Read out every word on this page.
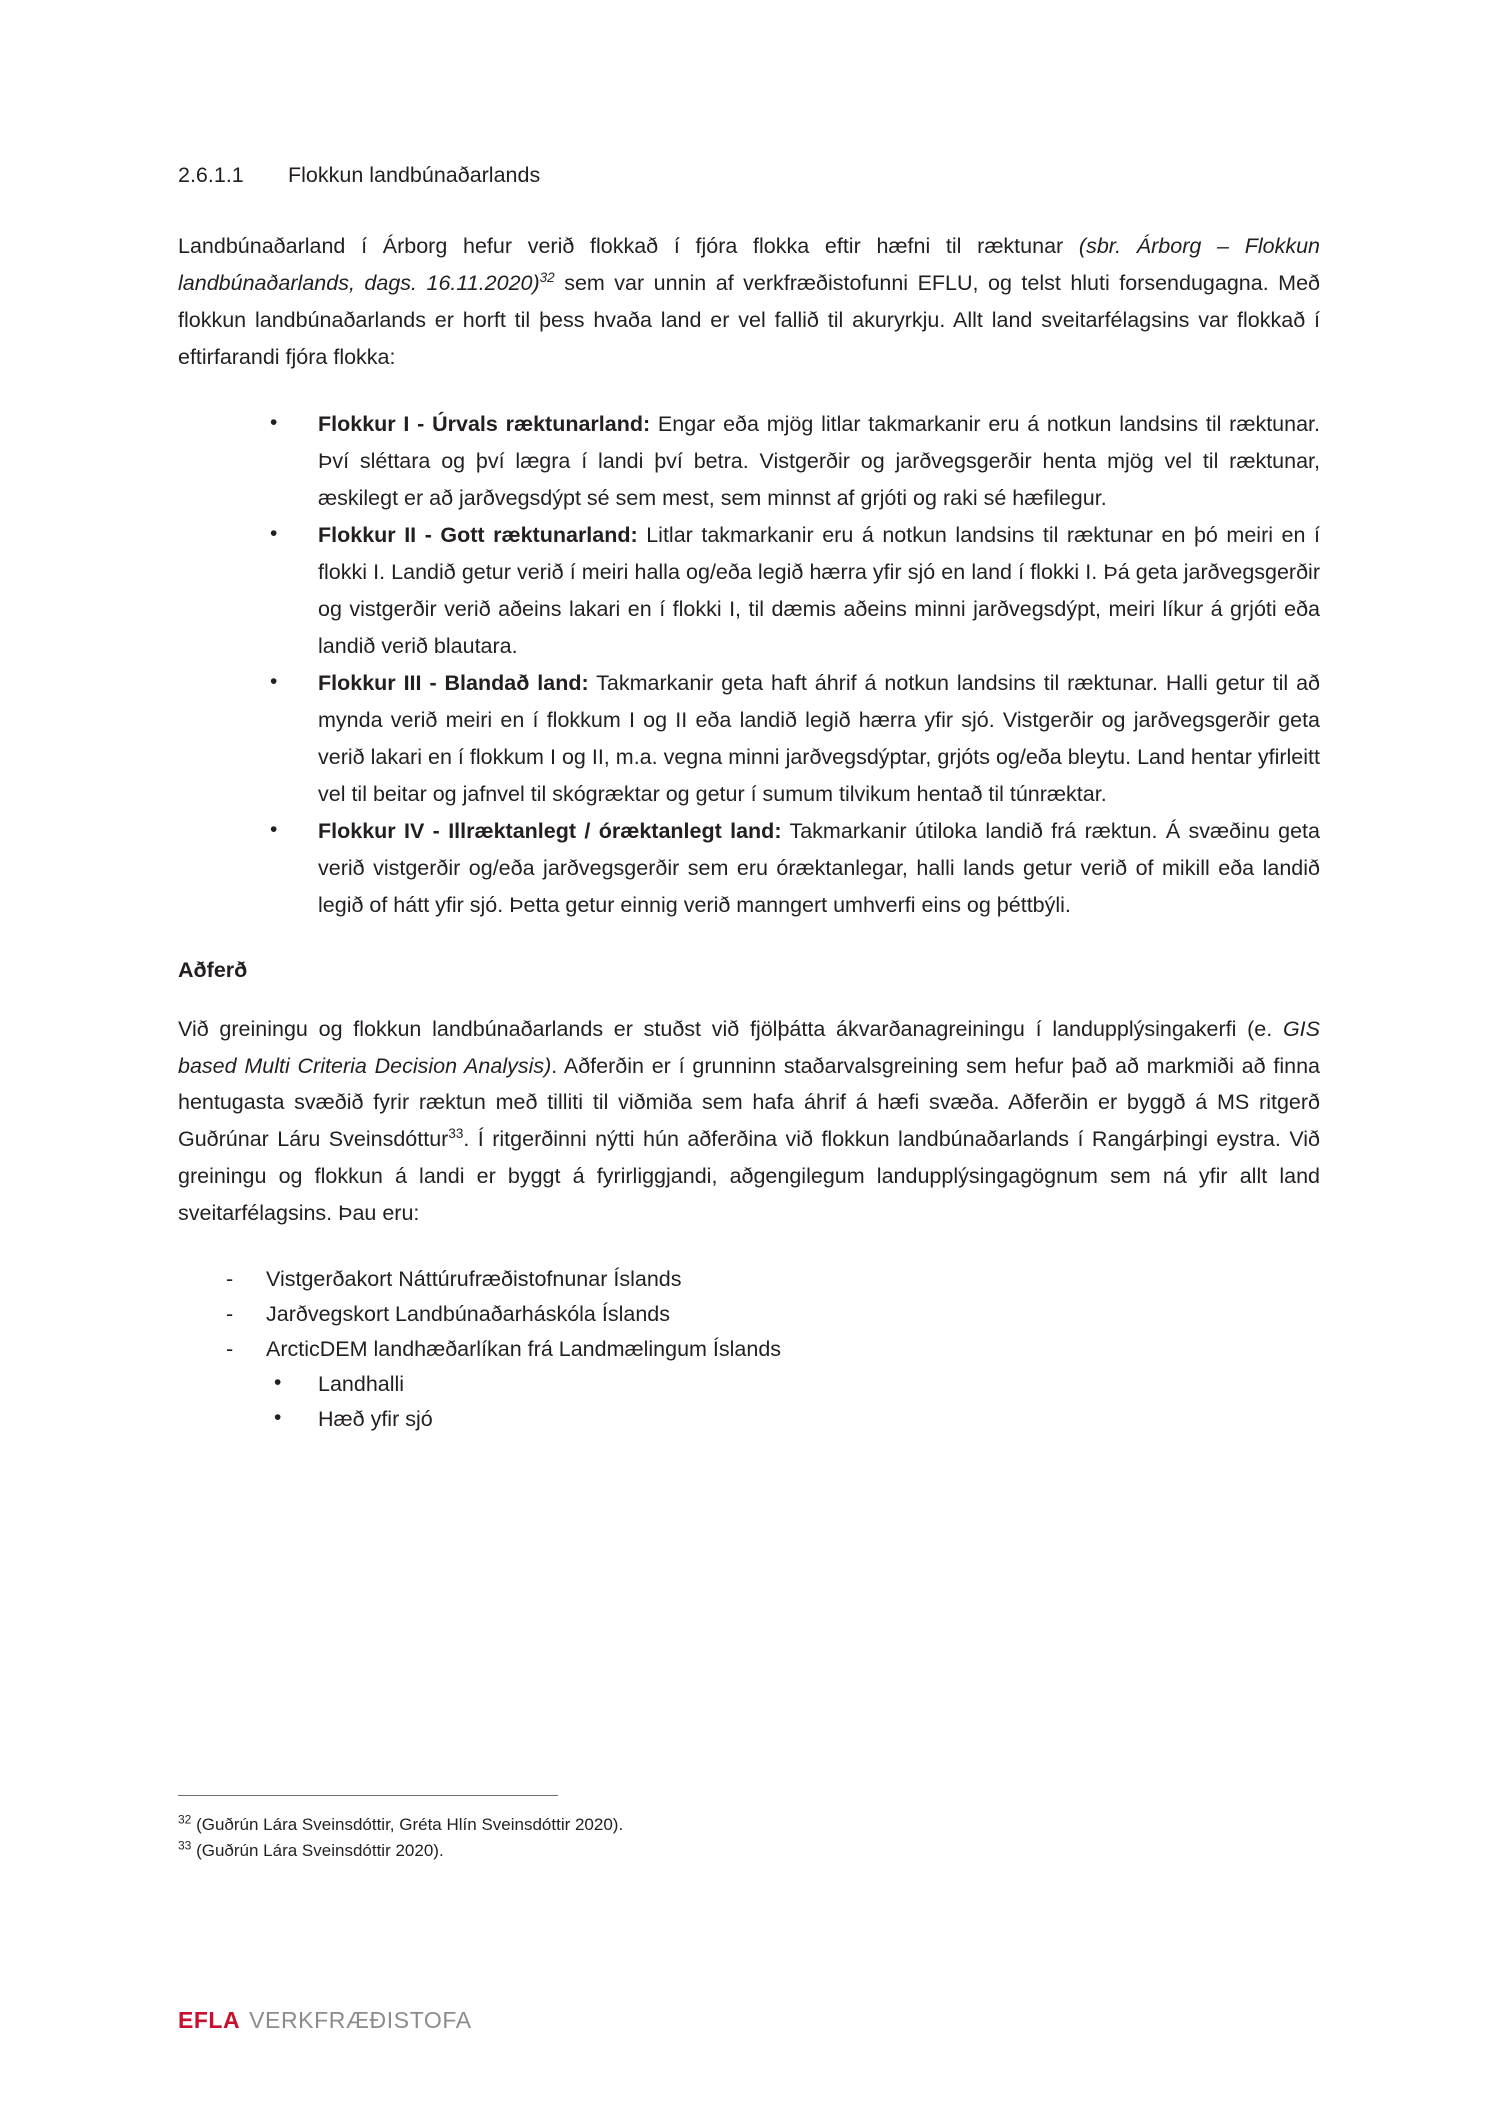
2.6.1.1	Flokkun landbúnaðarlands

Landbúnaðarland í Árborg hefur verið flokkað í fjóra flokka eftir hæfni til ræktunar (sbr. Árborg – Flokkun landbúnaðarlands, dags. 16.11.2020)$^{32}$ sem var unnin af verkfræðistofunni EFLU, og telst hluti forsendugagna. Með flokkun landbúnaðarlands er horft til þess hvaða land er vel fallið til akuryrkju. Allt land sveitarfélagsins var flokkað í eftirfarandi fjóra flokka:

• Flokkur I - Úrvals ræktunarland: Engar eða mjög litlar takmarkanir eru á notkun landsins til ræktunar. Því sléttara og því lægra í landi því betra. Vistgerðir og jarðvegsgerðir henta mjög vel til ræktunar, æskilegt er að jarðvegsdýpt sé sem mest, sem minnst af grjóti og raki sé hæfilegur.
• Flokkur II - Gott ræktunarland: Litlar takmarkanir eru á notkun landsins til ræktunar en þó meiri en í flokki I. Landið getur verið í meiri halla og/eða legið hærra yfir sjó en land í flokki I. Þá geta jarðvegsgerðir og vistgerðir verið aðeins lakari en í flokki I, til dæmis aðeins minni jarðvegsdýpt, meiri líkur á grjóti eða landið verið blautara.
• Flokkur III - Blandað land: Takmarkanir geta haft áhrif á notkun landsins til ræktunar. Halli getur til að mynda verið meiri en í flokkum I og II eða landið legið hærra yfir sjó. Vistgerðir og jarðvegsgerðir geta verið lakari en í flokkum I og II, m.a. vegna minni jarðvegsdýptar, grjóts og/eða bleytu. Land hentar yfirleitt vel til beitar og jafnvel til skógræktar og getur í sumum tilvikum hentað til túnræktar.
• Flokkur IV - Illræktanlegt / óræktanlegt land: Takmarkanir útiloka landið frá ræktun. Á svæðinu geta verið vistgerðir og/eða jarðvegsgerðir sem eru óræktanlegar, halli lands getur verið of mikill eða landið legið of hátt yfir sjó. Þetta getur einnig verið manngert umhverfi eins og þéttbýli.
Aðferð

Við greiningu og flokkun landbúnaðarlands er stuðst við fjölþátta ákvarðanagreiningu í landupplýsingakerfi (e. GIS based Multi Criteria Decision Analysis). Aðferðin er í grunninn staðarvalsgreining sem hefur það að markmiði að finna hentugasta svæðið fyrir ræktun með tilliti til viðmiða sem hafa áhrif á hæfi svæða. Aðferðin er byggð á MS ritgerð Guðrúnar Láru Sveinsdóttur$^{33}$. Í ritgerðinni nýtti hún aðferðina við flokkun landbúnaðarlands í Rangárþingi eystra. Við greiningu og flokkun á landi er byggt á fyrirliggjandi, aðgengilegum landupplýsingagögnum sem ná yfir allt land sveitarfélagsins. Þau eru:

- Vistgerðakort Náttúrufræðistofnunar Íslands
- Jarðvegskort Landbúnaðarháskóla Íslands
- ArcticDEM landhæðarlíkan frá Landmælingum Íslands
• Landhalli
• Hæð yfir sjó
$^{32}$ (Guðrún Lára Sveinsdóttir, Gréta Hlín Sveinsdóttir 2020).
$^{33}$ (Guðrún Lára Sveinsdóttir 2020).
EFLA VERKFRÆÐISTOFA
